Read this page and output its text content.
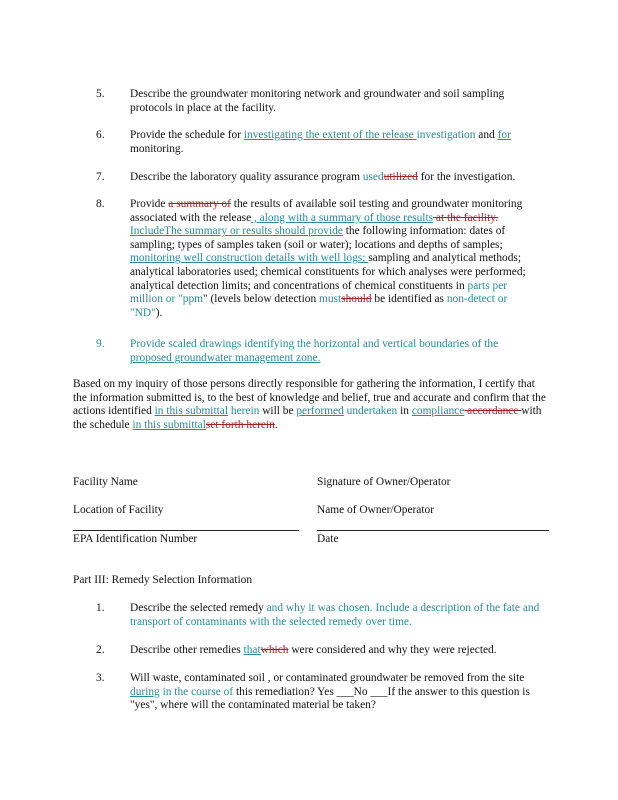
5.	Describe the groundwater monitoring network and groundwater and soil sampling protocols in place at the facility.
6.	Provide the schedule for investigating the extent of the release investigation and for monitoring.
7.	Describe the laboratory quality assurance program usedutilized for the investigation.
8.	Provide a summary of the results of available soil testing and groundwater monitoring associated with the release , along with a summary of those results at the facility. IncludeThe summary or results should provide the following information: dates of sampling; types of samples taken (soil or water); locations and depths of samples; monitoring well construction details with well logs; sampling and analytical methods; analytical laboratories used; chemical constituents for which analyses were performed; analytical detection limits; and concentrations of chemical constituents in parts per million or "ppm" (levels below detection mustshould be identified as non-detect or "ND").
9.	Provide scaled drawings identifying the horizontal and vertical boundaries of the proposed groundwater management zone.
Based on my inquiry of those persons directly responsible for gathering the information, I certify that the information submitted is, to the best of knowledge and belief, true and accurate and confirm that the actions identified in this submittal herein will be performed undertaken in compliance accordance with the schedule in this submittalset forth herein.
Facility Name	Signature of Owner/Operator
Location of Facility	Name of Owner/Operator
EPA Identification Number	Date
Part III: Remedy Selection Information
1.	Describe the selected remedy and why it was chosen. Include a description of the fate and transport of contaminants with the selected remedy over time.
2.	Describe other remedies thatwhich were considered and why they were rejected.
3.	Will waste, contaminated soil , or contaminated groundwater be removed from the site during in the course of this remediation? Yes ___No ___If the answer to this question is "yes", where will the contaminated material be taken?
